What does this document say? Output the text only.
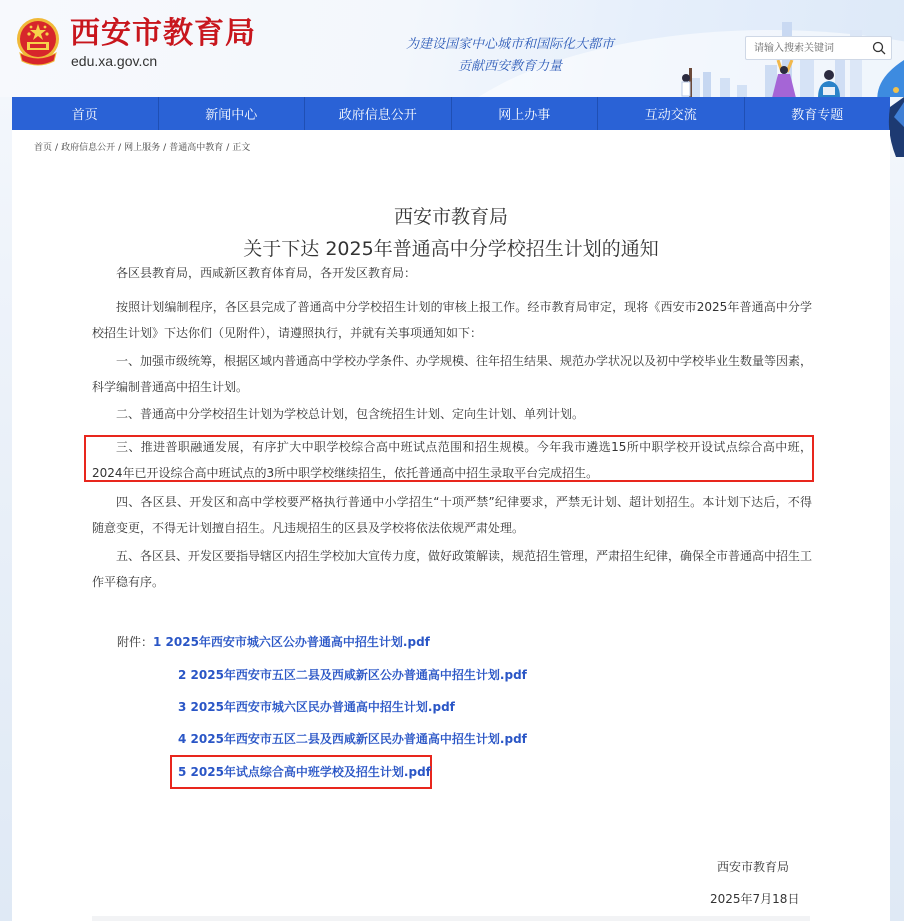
西安市教育局
edu.xa.gov.cn
为建设国家中心城市和国际化大都市
贡献西安教育力量
请输入搜索关键词
首页	新闻中心	政府信息公开	网上办事	互动交流	教育专题
首页 / 政府信息公开 / 网上服务 / 普通高中教育 / 正文
西安市教育局
关于下达 2025年普通高中分学校招生计划的通知
各区县教育局，西咸新区教育体育局，各开发区教育局：
按照计划编制程序，各区县完成了普通高中分学校招生计划的审核上报工作。经市教育局审定，现将《西安市2025年普通高中分学校招生计划》下达你们（见附件），请遵照执行，并就有关事项通知如下：
一、加强市级统筹，根据区域内普通高中学校办学条件、办学规模、往年招生结果、规范办学状况以及初中学校毕业生数量等因素，科学编制普通高中招生计划。
二、普通高中分学校招生计划为学校总计划，包含统招生计划、定向生计划、单列计划。
三、推进普职融通发展，有序扩大中职学校综合高中班试点范围和招生规模。今年我市遴选15所中职学校开设试点综合高中班，2024年已开设综合高中班试点的3所中职学校继续招生，依托普通高中招生录取平台完成招生。
四、各区县、开发区和高中学校要严格执行普通中小学招生“十项严禁”纪律要求，严禁无计划、超计划招生。本计划下达后，不得随意变更，不得无计划擅自招生。凡违规招生的区县及学校将依法依规严肃处理。
五、各区县、开发区要指导辖区内招生学校加大宣传力度，做好政策解读，规范招生管理，严肃招生纪律，确保全市普通高中招生工作平稳有序。
附件： 1 2025年西安市城六区公办普通高中招生计划.pdf
2 2025年西安市五区二县及西咸新区公办普通高中招生计划.pdf
3 2025年西安市城六区民办普通高中招生计划.pdf
4 2025年西安市五区二县及西咸新区民办普通高中招生计划.pdf
5 2025年试点综合高中班学校及招生计划.pdf
西安市教育局
2025年7月18日
